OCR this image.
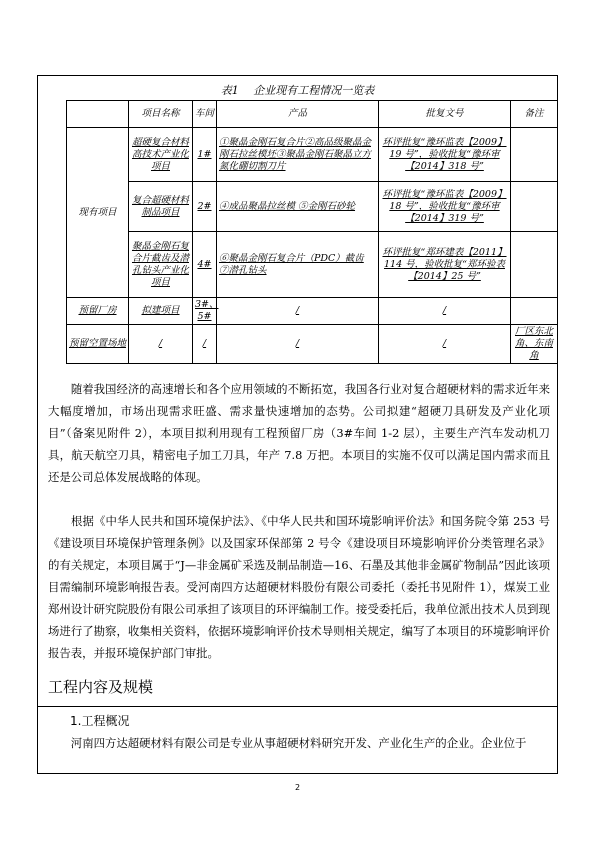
表1　 企业现有工程情况一览表
	项目名称	车间	产品	批复文号	备注
现有项目	超硬复合材料高技术产业化项目	1#	①聚晶金刚石复合片②高品级聚晶金刚石拉丝模坯③聚晶金刚石聚晶立方氮化硼切割刀片	环评批复“豫环监表【2009】19 号”，验收批复“豫环审【2014】318 号”	
	复合超硬材料制品项目	2#	④成品聚晶拉丝模 ⑤金刚石砂轮	环评批复“豫环监表【2009】18 号”，验收批复“豫环审【2014】319 号”	
	聚晶金刚石复合片截齿及潜孔钻头产业化项目	4#	⑥聚晶金刚石复合片（PDC）截齿 ⑦潜孔钻头	环评批复“郑环建表【2011】114 号，验收批复“郑环验表【2014】25 号”	
预留厂房	拟建项目	3#、5#	/	/	
预留空置场地	/	/	/	/	厂区东北角、东南角
随着我国经济的高速增长和各个应用领域的不断拓宽，我国各行业对复合超硬材料的需求近年来大幅度增加，市场出现需求旺盛、需求量快速增加的态势。公司拟建“超硬刀具研发及产业化项目”（备案见附件 2），本项目拟利用现有工程预留厂房（3#车间 1-2 层），主要生产汽车发动机刀具，航天航空刀具，精密电子加工刀具，年产 7.8 万把。本项目的实施不仅可以满足国内需求而且还是公司总体发展战略的体现。
根据《中华人民共和国环境保护法》、《中华人民共和国环境影响评价法》和国务院令第 253 号《建设项目环境保护管理条例》以及国家环保部第 2 号令《建设项目环境影响评价分类管理名录》的有关规定，本项目属于“J—非金属矿采选及制品制造—16、石墨及其他非金属矿物制品”因此该项目需编制环境影响报告表。受河南四方达超硬材料股份有限公司委托（委托书见附件 1），煤炭工业郑州设计研究院股份有限公司承担了该项目的环评编制工作。接受委托后，我单位派出技术人员到现场进行了勘察，收集相关资料，依据环境影响评价技术导则相关规定，编写了本项目的环境影响评价报告表，并报环境保护部门审批。
工程内容及规模
1.工程概况
河南四方达超硬材料有限公司是专业从事超硬材料研究开发、产业化生产的企业。企业位于
2
